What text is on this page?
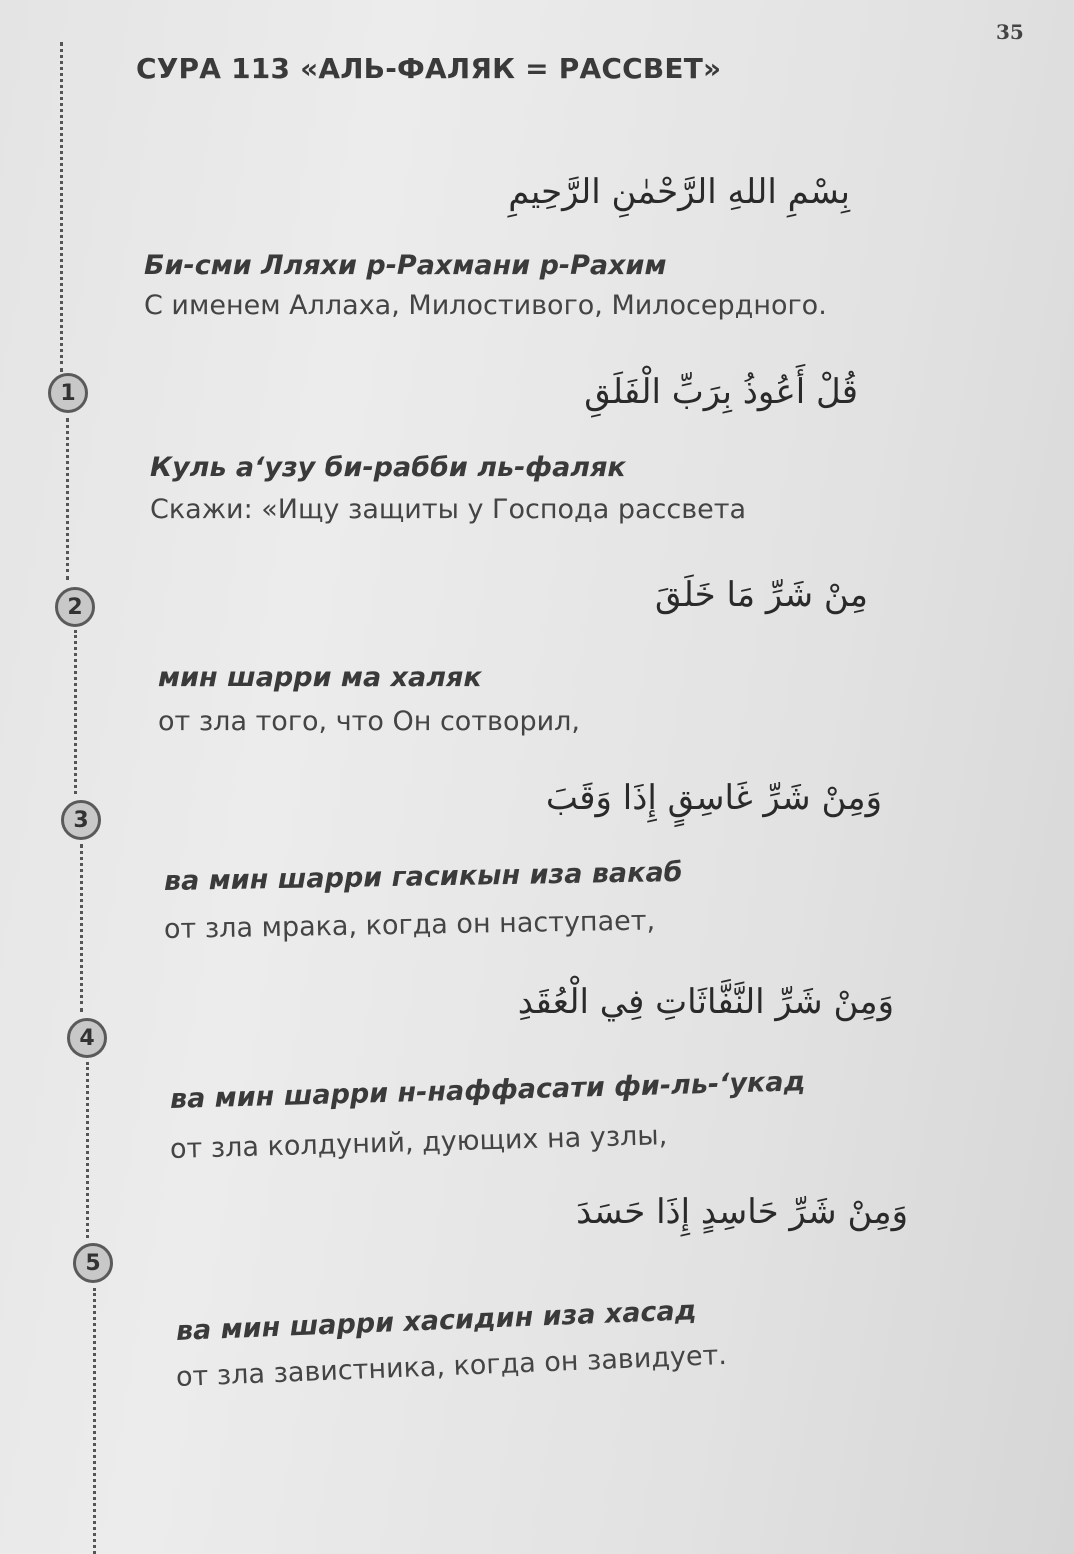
35
СУРА 113 «АЛЬ-ФАЛЯК = РАССВЕТ»
بِسْمِ اللهِ الرَّحْمٰنِ الرَّحِيمِ
Би-сми Лляхи р-Рахмани р-Рахим
С именем Аллаха, Милостивого, Милосердного.
1	قُلْ أَعُوذُ بِرَبِّ الْفَلَقِ
Куль а‘узу би-рабби ль-фаляк
Скажи: «Ищу защиты у Господа рассвета
2	مِنْ شَرِّ مَا خَلَقَ
мин шарри ма халяк
от зла того, что Он сотворил,
3
وَمِنْ شَرِّ غَاسِقٍ إِذَا وَقَبَ
ва мин шарри гасикын иза вакаб
от зла мрака, когда он наступает,
4
وَمِنْ شَرِّ النَّفَّاثَاتِ فِي الْعُقَدِ
ва мин шарри н-наффасати фи-ль-‘укад
от зла колдуний, дующих на узлы,
5
وَمِنْ شَرِّ حَاسِدٍ إِذَا حَسَدَ
ва мин шарри хасидин иза хасад
от зла завистника, когда он завидует.
